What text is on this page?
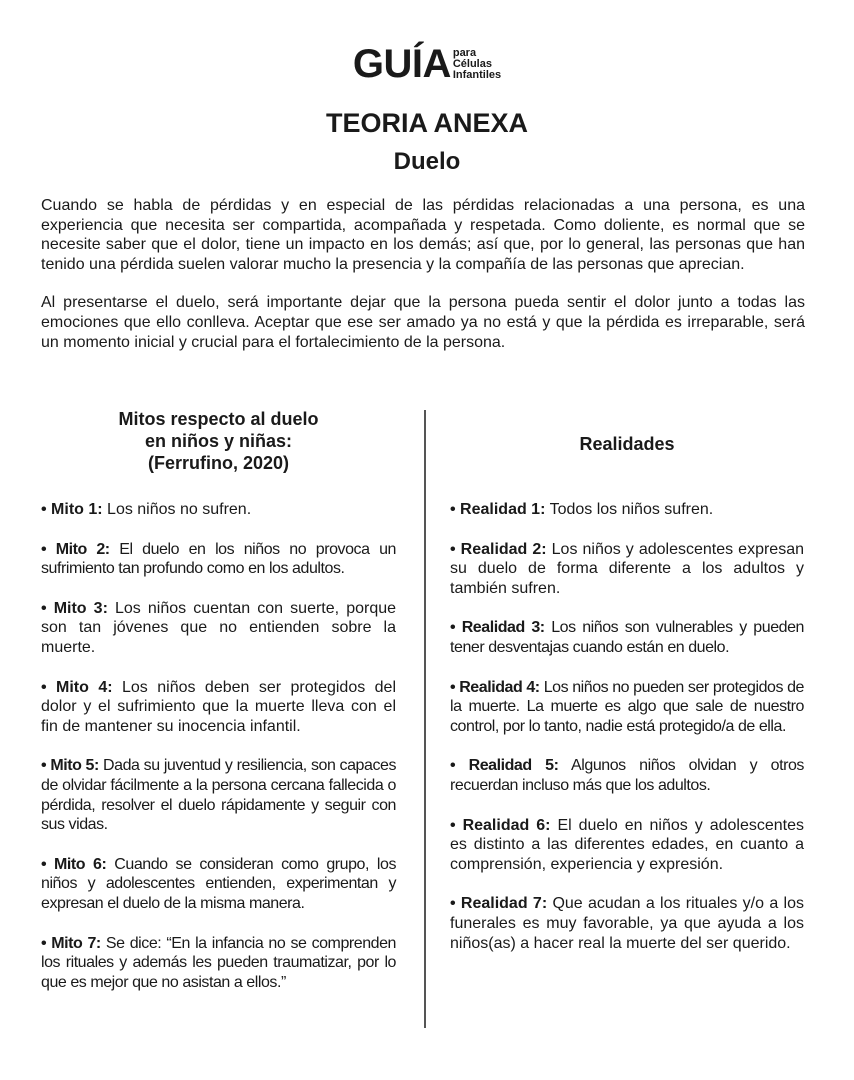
GUÍA para
Células
Infantiles
TEORIA ANEXA
Duelo

Cuando se habla de pérdidas y en especial de las pérdidas relacionadas a una persona, es una experiencia que necesita ser compartida, acompañada y respetada. Como doliente, es normal que se necesite saber que el dolor, tiene un impacto en los demás; así que, por lo general, las personas que han tenido una pérdida suelen valorar mucho la presencia y la compañía de las personas que aprecian.

Al presentarse el duelo, será importante dejar que la persona pueda sentir el dolor junto a todas las emociones que ello conlleva. Aceptar que ese ser amado ya no está y que la pérdida es irreparable, será un momento inicial y crucial para el fortalecimiento de la persona.

Mitos respecto al duelo
en niños y niñas:
(Ferrufino, 2020)
• Mito 1: Los niños no sufren.
• Mito 2: El duelo en los niños no provoca un sufrimiento tan profundo como en los adultos.
• Mito 3: Los niños cuentan con suerte, porque son tan jóvenes que no entienden sobre la muerte.
• Mito 4: Los niños deben ser protegidos del dolor y el sufrimiento que la muerte lleva con el fin de mantener su inocencia infantil.
• Mito 5: Dada su juventud y resiliencia, son capaces de olvidar fácilmente a la persona cercana fallecida o pérdida, resolver el duelo rápidamente y seguir con sus vidas.
• Mito 6: Cuando se consideran como grupo, los niños y adolescentes entienden, experimentan y expresan el duelo de la misma manera.
• Mito 7: Se dice: “En la infancia no se comprenden los rituales y además les pueden traumatizar, por lo que es mejor que no asistan a ellos.”
Realidades
• Realidad 1: Todos los niños sufren.
• Realidad 2: Los niños y adolescentes expresan su duelo de forma diferente a los adultos y también sufren.
• Realidad 3: Los niños son vulnerables y pueden tener desventajas cuando están en duelo.
• Realidad 4: Los niños no pueden ser protegidos de la muerte. La muerte es algo que sale de nuestro control, por lo tanto, nadie está protegido/a de ella.
• Realidad 5: Algunos niños olvidan y otros recuerdan incluso más que los adultos.
• Realidad 6: El duelo en niños y adolescentes es distinto a las diferentes edades, en cuanto a comprensión, experiencia y expresión.
• Realidad 7: Que acudan a los rituales y/o a los funerales es muy favorable, ya que ayuda a los niños(as) a hacer real la muerte del ser querido.
